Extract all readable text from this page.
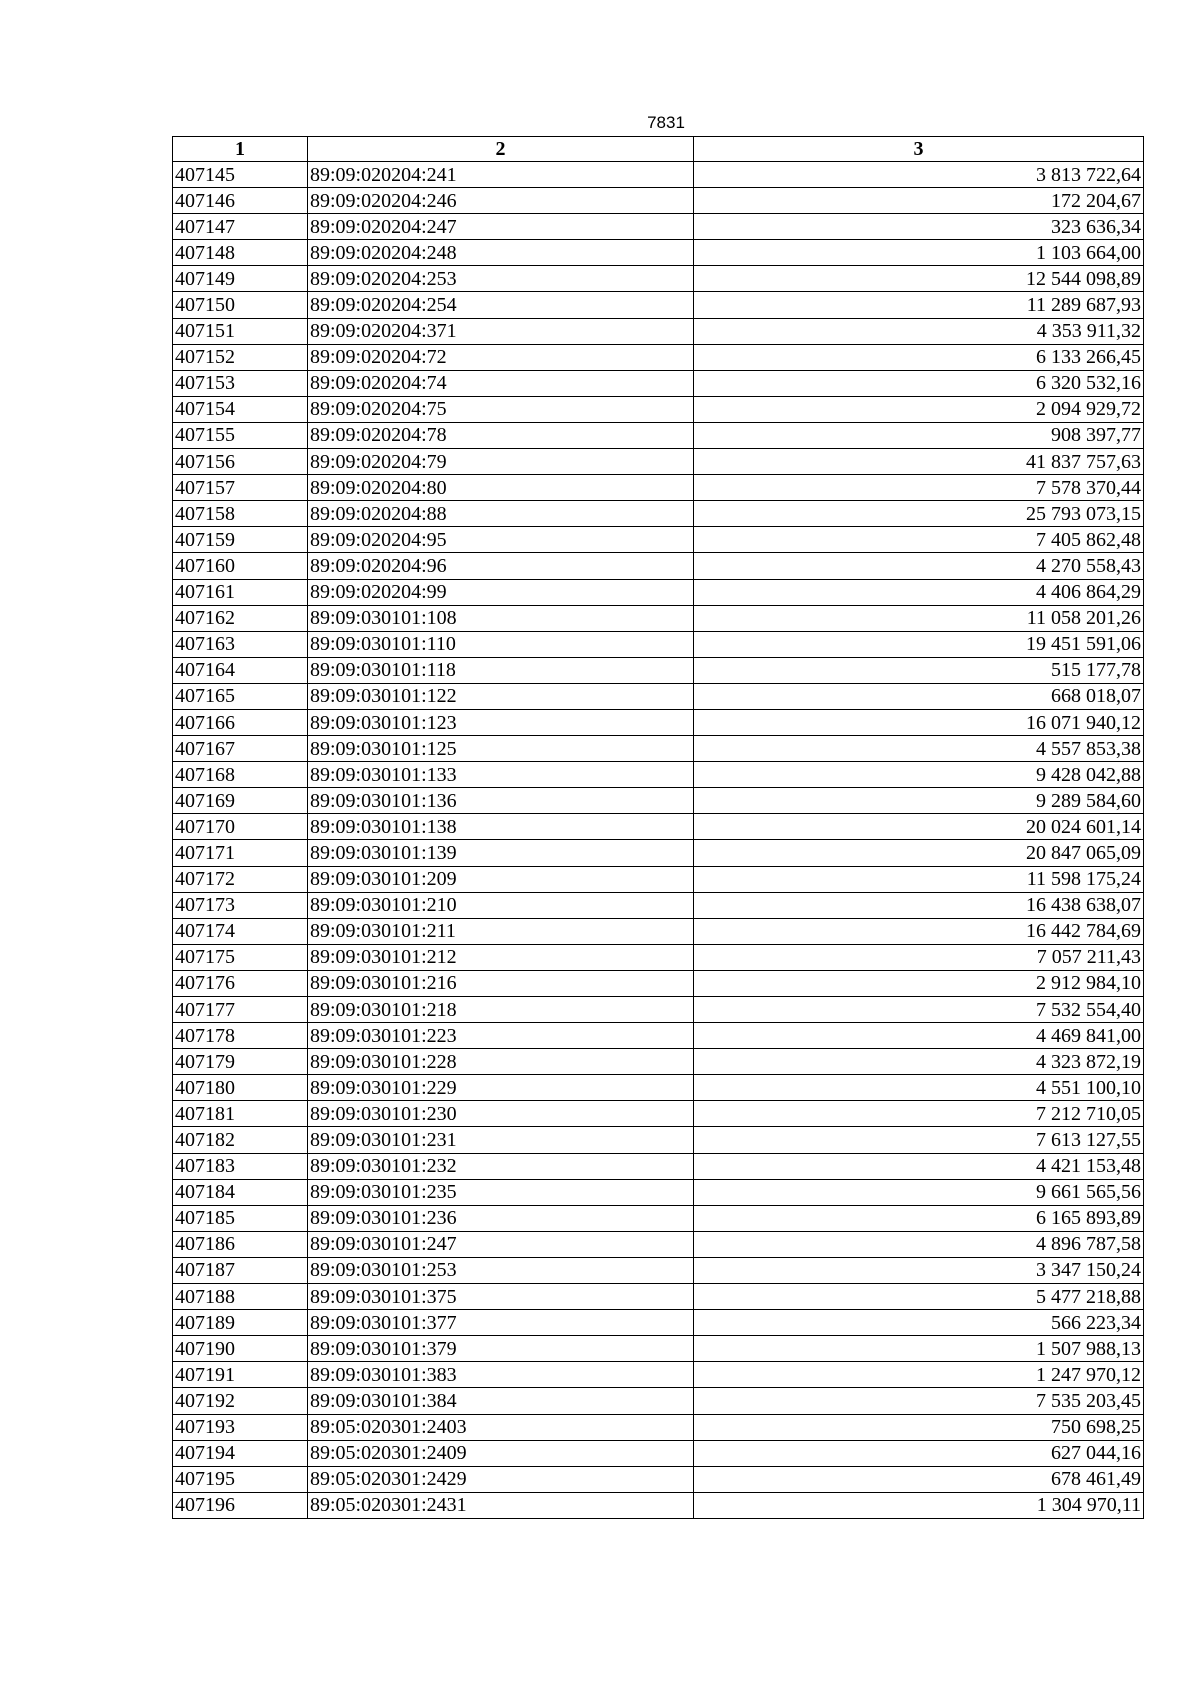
7831
1	2	3
407145	89:09:020204:241	3 813 722,64
407146	89:09:020204:246	172 204,67
407147	89:09:020204:247	323 636,34
407148	89:09:020204:248	1 103 664,00
407149	89:09:020204:253	12 544 098,89
407150	89:09:020204:254	11 289 687,93
407151	89:09:020204:371	4 353 911,32
407152	89:09:020204:72	6 133 266,45
407153	89:09:020204:74	6 320 532,16
407154	89:09:020204:75	2 094 929,72
407155	89:09:020204:78	908 397,77
407156	89:09:020204:79	41 837 757,63
407157	89:09:020204:80	7 578 370,44
407158	89:09:020204:88	25 793 073,15
407159	89:09:020204:95	7 405 862,48
407160	89:09:020204:96	4 270 558,43
407161	89:09:020204:99	4 406 864,29
407162	89:09:030101:108	11 058 201,26
407163	89:09:030101:110	19 451 591,06
407164	89:09:030101:118	515 177,78
407165	89:09:030101:122	668 018,07
407166	89:09:030101:123	16 071 940,12
407167	89:09:030101:125	4 557 853,38
407168	89:09:030101:133	9 428 042,88
407169	89:09:030101:136	9 289 584,60
407170	89:09:030101:138	20 024 601,14
407171	89:09:030101:139	20 847 065,09
407172	89:09:030101:209	11 598 175,24
407173	89:09:030101:210	16 438 638,07
407174	89:09:030101:211	16 442 784,69
407175	89:09:030101:212	7 057 211,43
407176	89:09:030101:216	2 912 984,10
407177	89:09:030101:218	7 532 554,40
407178	89:09:030101:223	4 469 841,00
407179	89:09:030101:228	4 323 872,19
407180	89:09:030101:229	4 551 100,10
407181	89:09:030101:230	7 212 710,05
407182	89:09:030101:231	7 613 127,55
407183	89:09:030101:232	4 421 153,48
407184	89:09:030101:235	9 661 565,56
407185	89:09:030101:236	6 165 893,89
407186	89:09:030101:247	4 896 787,58
407187	89:09:030101:253	3 347 150,24
407188	89:09:030101:375	5 477 218,88
407189	89:09:030101:377	566 223,34
407190	89:09:030101:379	1 507 988,13
407191	89:09:030101:383	1 247 970,12
407192	89:09:030101:384	7 535 203,45
407193	89:05:020301:2403	750 698,25
407194	89:05:020301:2409	627 044,16
407195	89:05:020301:2429	678 461,49
407196	89:05:020301:2431	1 304 970,11
